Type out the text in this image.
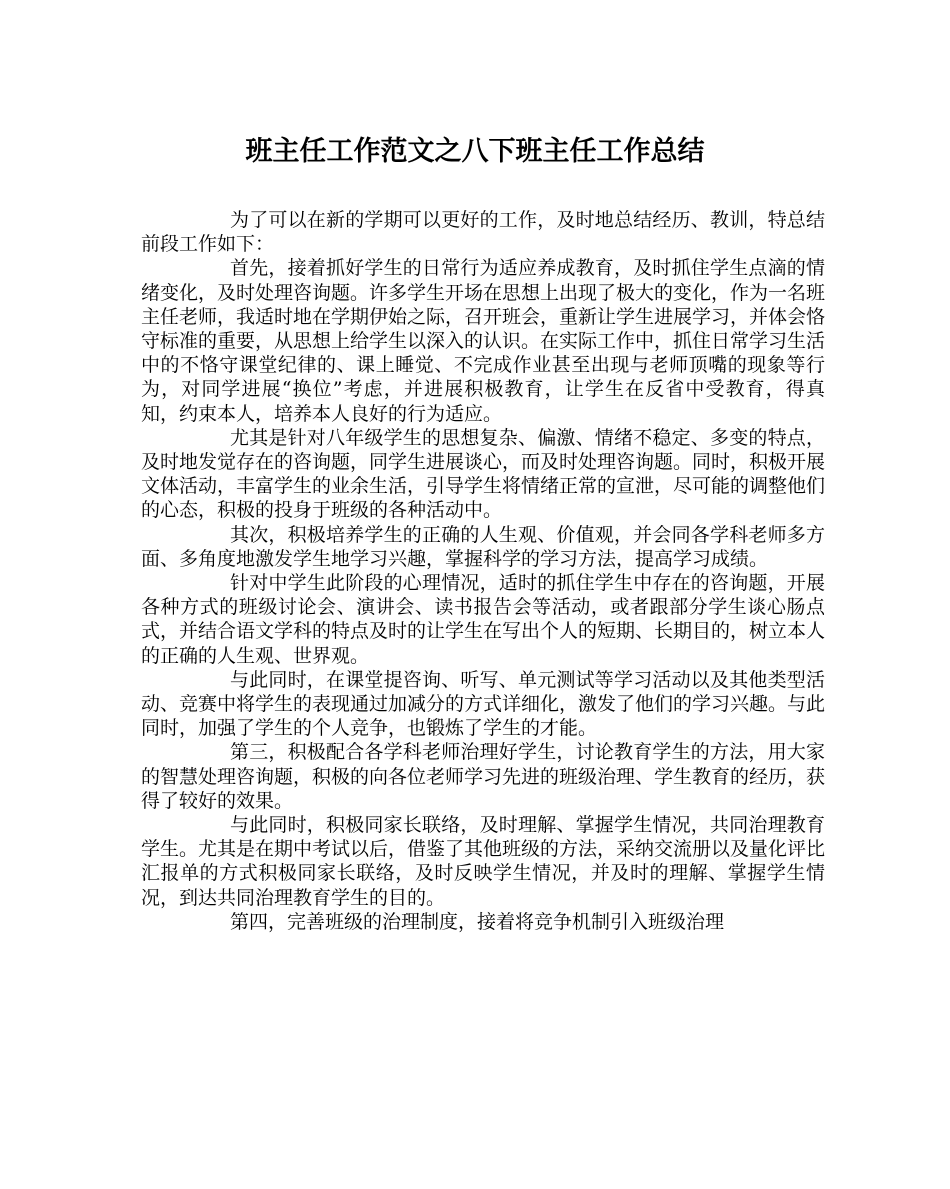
班主任工作范文之八下班主任工作总结

为了可以在新的学期可以更好的工作，及时地总结经历、教训，特总结前段工作如下：

首先，接着抓好学生的日常行为适应养成教育，及时抓住学生点滴的情绪变化，及时处理咨询题。许多学生开场在思想上出现了极大的变化，作为一名班主任老师，我适时地在学期伊始之际，召开班会，重新让学生进展学习，并体会恪守标准的重要，从思想上给学生以深入的认识。在实际工作中，抓住日常学习生活中的不恪守课堂纪律的、课上睡觉、不完成作业甚至出现与老师顶嘴的现象等行为，对同学进展“换位”考虑，并进展积极教育，让学生在反省中受教育，得真知，约束本人，培养本人良好的行为适应。

尤其是针对八年级学生的思想复杂、偏激、情绪不稳定、多变的特点，及时地发觉存在的咨询题，同学生进展谈心，而及时处理咨询题。同时，积极开展文体活动，丰富学生的业余生活，引导学生将情绪正常的宣泄，尽可能的调整他们的心态，积极的投身于班级的各种活动中。

其次，积极培养学生的正确的人生观、价值观，并会同各学科老师多方面、多角度地激发学生地学习兴趣，掌握科学的学习方法，提高学习成绩。

针对中学生此阶段的心理情况，适时的抓住学生中存在的咨询题，开展各种方式的班级讨论会、演讲会、读书报告会等活动，或者跟部分学生谈心肠点式，并结合语文学科的特点及时的让学生在写出个人的短期、长期目的，树立本人的正确的人生观、世界观。

与此同时，在课堂提咨询、听写、单元测试等学习活动以及其他类型活动、竞赛中将学生的表现通过加减分的方式详细化，激发了他们的学习兴趣。与此同时，加强了学生的个人竞争，也锻炼了学生的才能。

第三，积极配合各学科老师治理好学生，讨论教育学生的方法，用大家的智慧处理咨询题，积极的向各位老师学习先进的班级治理、学生教育的经历，获得了较好的效果。

与此同时，积极同家长联络，及时理解、掌握学生情况，共同治理教育学生。尤其是在期中考试以后，借鉴了其他班级的方法，采纳交流册以及量化评比汇报单的方式积极同家长联络，及时反映学生情况，并及时的理解、掌握学生情况，到达共同治理教育学生的目的。

第四，完善班级的治理制度，接着将竞争机制引入班级治理
